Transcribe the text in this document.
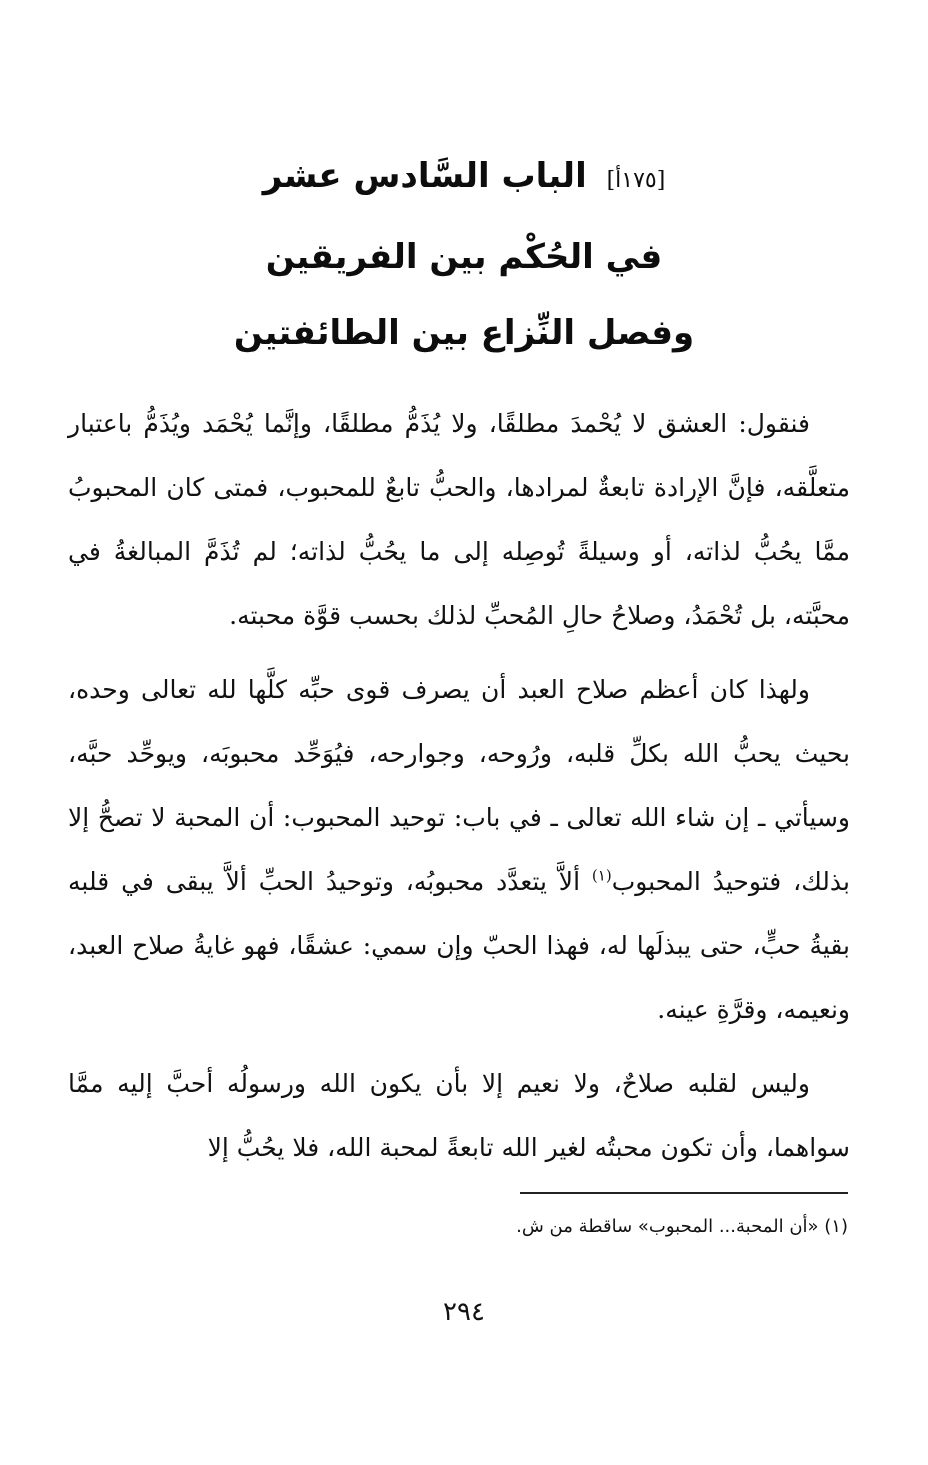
[١٧٥أ] الباب السَّادس عشر
في الحُكْم بين الفريقين
وفصل النِّزاع بين الطائفتين

فنقول: العشق لا يُحْمدَ مطلقًا، ولا يُذَمُّ مطلقًا، وإنَّما يُحْمَد ويُذَمُّ باعتبار متعلَّقه، فإنَّ الإرادة تابعةٌ لمرادها، والحبُّ تابعٌ للمحبوب، فمتى كان المحبوبُ ممَّا يحُبُّ لذاته، أو وسيلةً تُوصِله إلى ما يحُبُّ لذاته؛ لم تُذَمَّ المبالغةُ في محبَّته، بل تُحْمَدُ، وصلاحُ حالِ المُحبِّ لذلك بحسب قوَّة محبته.

ولهذا كان أعظم صلاح العبد أن يصرف قوى حبِّه كلَّها لله تعالى وحده، بحيث يحبُّ الله بكلِّ قلبه، ورُوحه، وجوارحه، فيُوَحِّد محبوبَه، ويوحِّد حبَّه، وسيأتي ـ إن شاء الله تعالى ـ في باب: توحيد المحبوب: أن المحبة لا تصحُّ إلا بذلك، فتوحيدُ المحبوب$^{(١)}$ ألاَّ يتعدَّد محبوبُه، وتوحيدُ الحبِّ ألاَّ يبقى في قلبه بقيةُ حبٍّ، حتى يبذلَها له، فهذا الحبّ وإن سمي: عشقًا، فهو غايةُ صلاح العبد، ونعيمه، وقرَّةِ عينه.

وليس لقلبه صلاحٌ، ولا نعيم إلا بأن يكون الله ورسولُه أحبَّ إليه ممَّا سواهما، وأن تكون محبتُه لغير الله تابعةً لمحبة الله، فلا يحُبُّ إلا

(١) «أن المحبة... المحبوب» ساقطة من ش.
٢٩٤
